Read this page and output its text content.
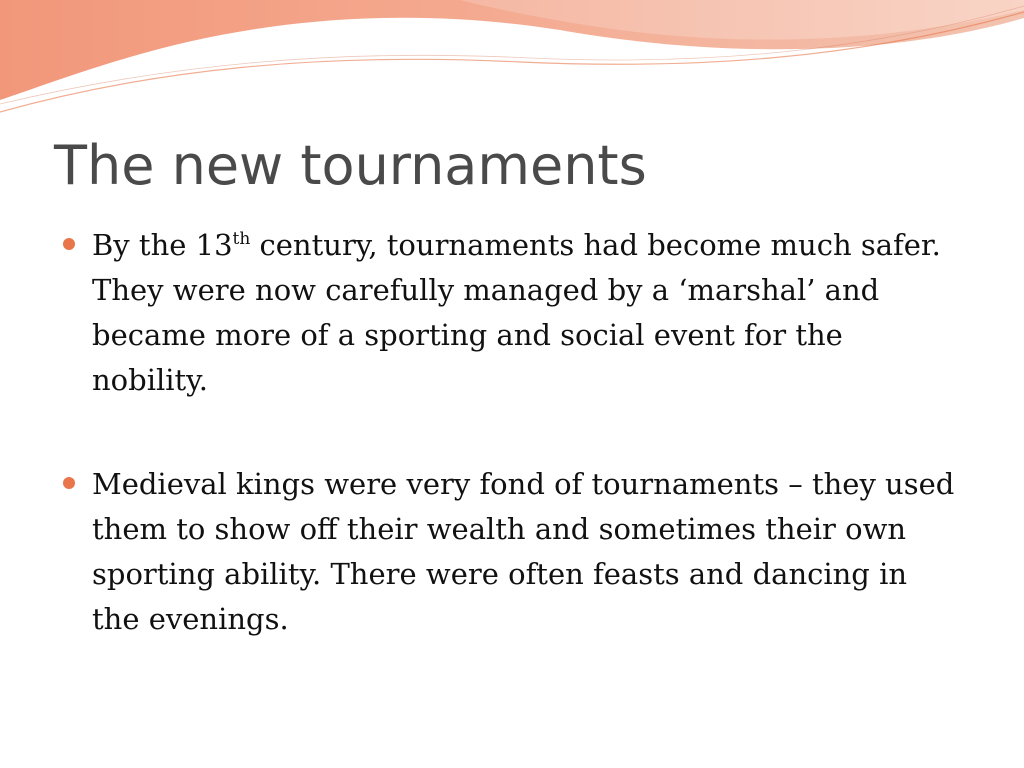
The new tournaments
By the 13th century, tournaments had become much safer. They were now carefully managed by a ‘marshal’ and became more of a sporting and social event for the nobility.
Medieval kings were very fond of tournaments – they used them to show off their wealth and sometimes their own sporting ability. There were often feasts and dancing in the evenings.
